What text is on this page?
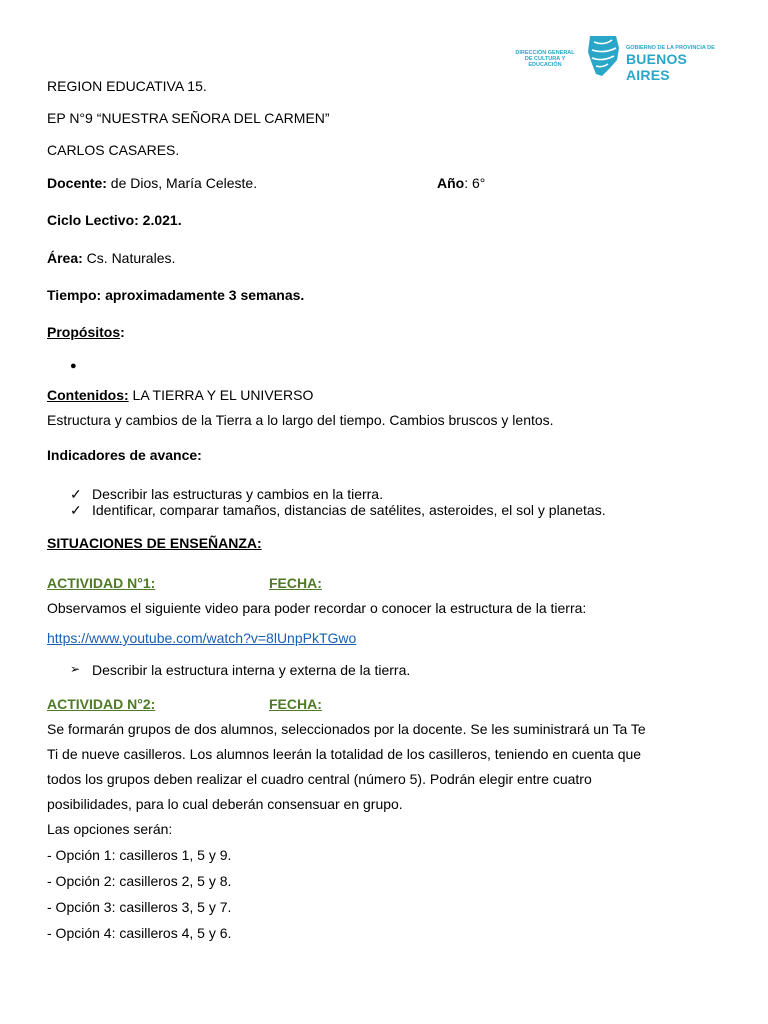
DIRECCIÓN GENERAL
DE CULTURA Y EDUCACIÓN
GOBIERNO DE LA PROVINCIA DE
BUENOS AIRES
REGION EDUCATIVA 15.
EP N°9 “NUESTRA SEÑORA DEL CARMEN”
CARLOS CASARES.
Docente: de Dios, María Celeste.	Año: 6°
Ciclo Lectivo: 2.021.
Área: Cs. Naturales.
Tiempo: aproximadamente 3 semanas.
Propósitos:
●
Contenidos: LA TIERRA Y EL UNIVERSO
Estructura y cambios de la Tierra a lo largo del tiempo. Cambios bruscos y lentos.
Indicadores de avance:
✓ Describir las estructuras y cambios en la tierra.
✓ Identificar, comparar tamaños, distancias de satélites, asteroides, el sol y planetas.
SITUACIONES DE ENSEÑANZA:
ACTIVIDAD N°1:	FECHA:
Observamos el siguiente video para poder recordar o conocer la estructura de la tierra:
https://www.youtube.com/watch?v=8lUnpPkTGwo
➢ Describir la estructura interna y externa de la tierra.
ACTIVIDAD N°2:	FECHA:
Se formarán grupos de dos alumnos, seleccionados por la docente. Se les suministrará un Ta Te
Ti de nueve casilleros. Los alumnos leerán la totalidad de los casilleros, teniendo en cuenta que
todos los grupos deben realizar el cuadro central (número 5). Podrán elegir entre cuatro
posibilidades, para lo cual deberán consensuar en grupo.
Las opciones serán:
- Opción 1: casilleros 1, 5 y 9.
- Opción 2: casilleros 2, 5 y 8.
- Opción 3: casilleros 3, 5 y 7.
- Opción 4: casilleros 4, 5 y 6.
